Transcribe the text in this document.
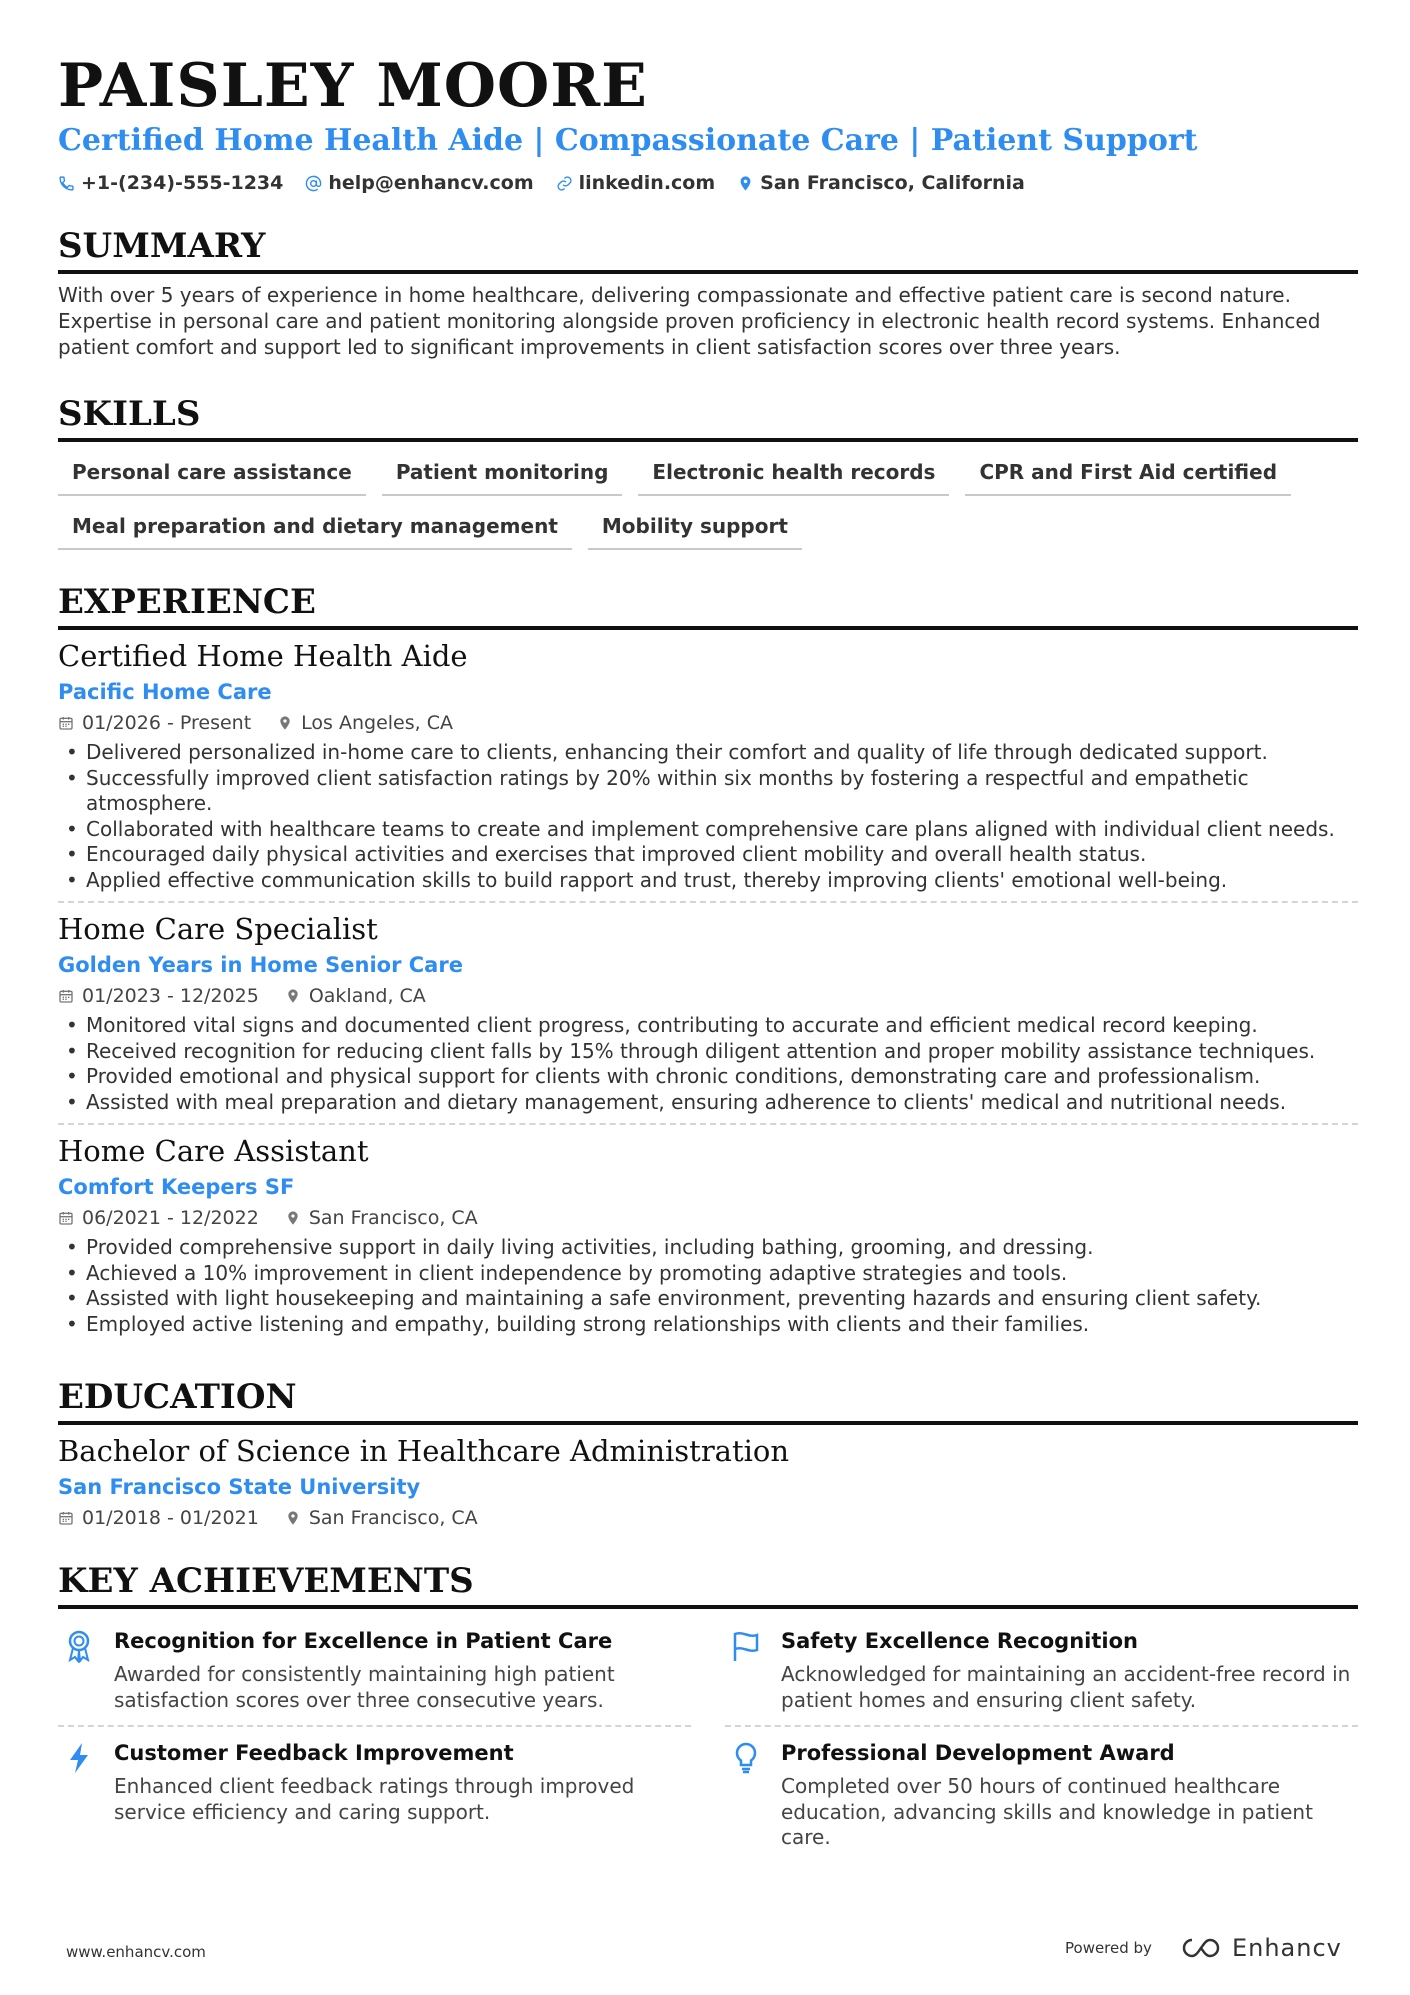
PAISLEY MOORE
Certified Home Health Aide | Compassionate Care | Patient Support
+1-(234)-555-1234 help@enhancv.com linkedin.com San Francisco, California
SUMMARY

With over 5 years of experience in home healthcare, delivering compassionate and effective patient care is second nature. Expertise in personal care and patient monitoring alongside proven proficiency in electronic health record systems. Enhanced patient comfort and support led to significant improvements in client satisfaction scores over three years.

SKILLS
Personal care assistance	Patient monitoring	Electronic health records	CPR and First Aid certified
Meal preparation and dietary management	Mobility support
EXPERIENCE
Certified Home Health Aide
Pacific Home Care
01/2026 - Present	Los Angeles, CA
• Delivered personalized in-home care to clients, enhancing their comfort and quality of life through dedicated support.
• Successfully improved client satisfaction ratings by 20% within six months by fostering a respectful and empathetic atmosphere.
• Collaborated with healthcare teams to create and implement comprehensive care plans aligned with individual client needs.
• Encouraged daily physical activities and exercises that improved client mobility and overall health status.
• Applied effective communication skills to build rapport and trust, thereby improving clients' emotional well-being.
Home Care Specialist
Golden Years in Home Senior Care
01/2023 - 12/2025	Oakland, CA
• Monitored vital signs and documented client progress, contributing to accurate and efficient medical record keeping.
• Received recognition for reducing client falls by 15% through diligent attention and proper mobility assistance techniques.
• Provided emotional and physical support for clients with chronic conditions, demonstrating care and professionalism.
• Assisted with meal preparation and dietary management, ensuring adherence to clients' medical and nutritional needs.
Home Care Assistant
Comfort Keepers SF
06/2021 - 12/2022	San Francisco, CA
• Provided comprehensive support in daily living activities, including bathing, grooming, and dressing.
• Achieved a 10% improvement in client independence by promoting adaptive strategies and tools.
• Assisted with light housekeeping and maintaining a safe environment, preventing hazards and ensuring client safety.
• Employed active listening and empathy, building strong relationships with clients and their families.
EDUCATION
Bachelor of Science in Healthcare Administration
San Francisco State University
01/2018 - 01/2021	San Francisco, CA
KEY ACHIEVEMENTS
Recognition for Excellence in Patient Care
Awarded for consistently maintaining high patient satisfaction scores over three consecutive years.
Safety Excellence Recognition
Acknowledged for maintaining an accident-free record in patient homes and ensuring client safety.
Customer Feedback Improvement
Enhanced client feedback ratings through improved service efficiency and caring support.
Professional Development Award
Completed over 50 hours of continued healthcare education, advancing skills and knowledge in patient care.
www.enhancv.com	Powered by	Enhancv
